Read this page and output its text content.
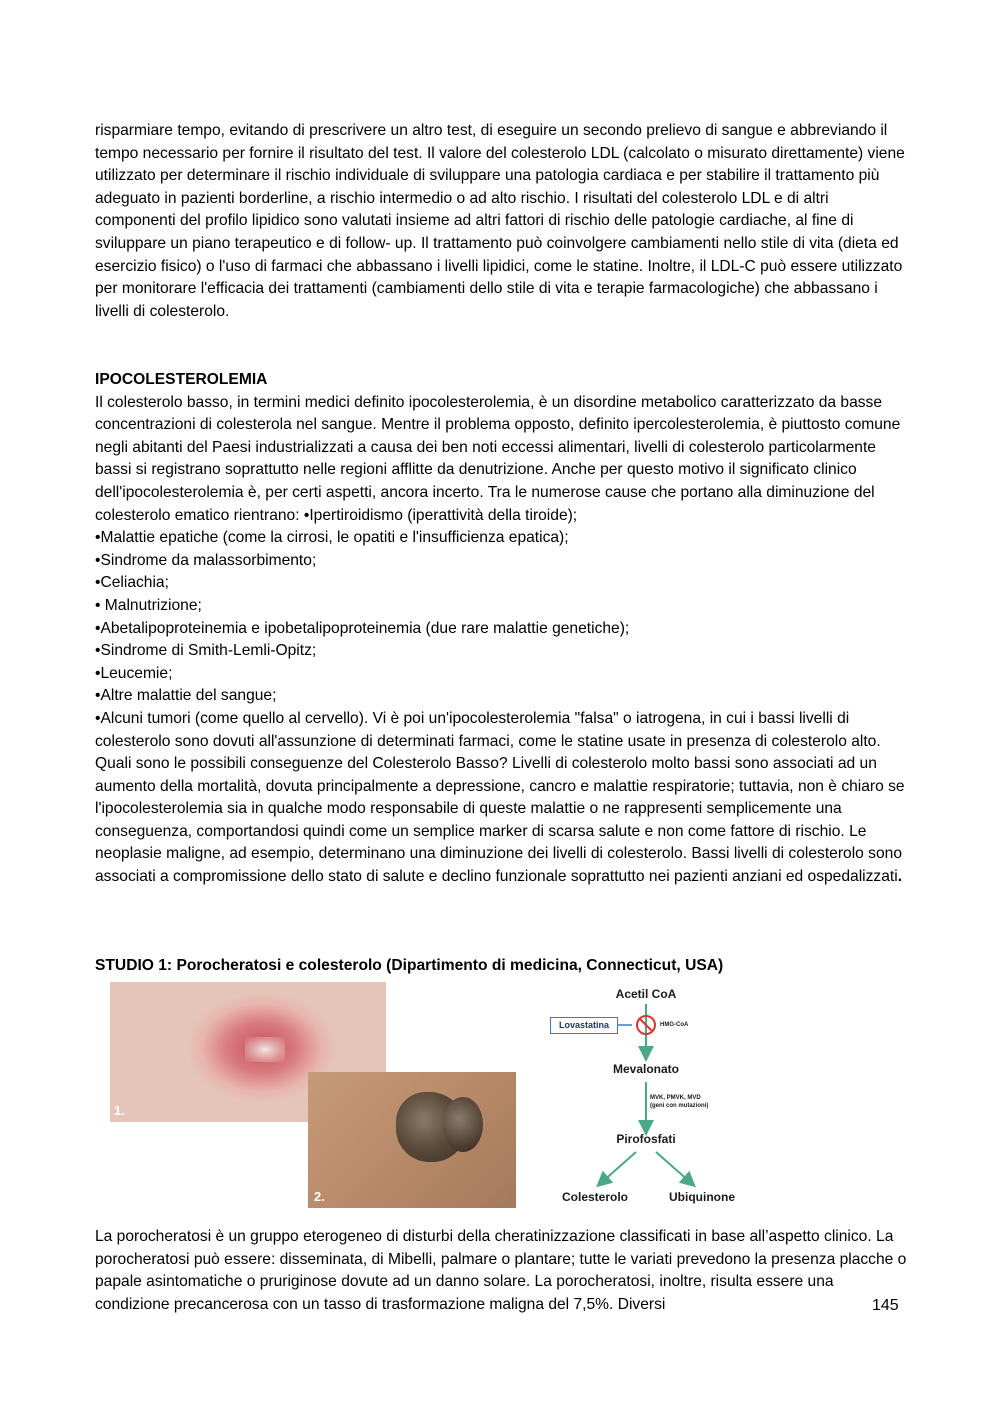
risparmiare tempo, evitando di prescrivere un altro test, di eseguire un secondo prelievo di sangue e abbreviando il tempo necessario per fornire il risultato del test. Il valore del colesterolo LDL (calcolato o misurato direttamente) viene utilizzato per determinare il rischio individuale di sviluppare una patologia cardiaca e per stabilire il trattamento più adeguato in pazienti borderline, a rischio intermedio o ad alto rischio. I risultati del colesterolo LDL e di altri componenti del profilo lipidico sono valutati insieme ad altri fattori di rischio delle patologie cardiache, al fine di sviluppare un piano terapeutico e di follow- up. Il trattamento può coinvolgere cambiamenti nello stile di vita (dieta ed esercizio fisico) o l'uso di farmaci che abbassano i livelli lipidici, come le statine. Inoltre, il LDL-C può essere utilizzato per monitorare l'efficacia dei trattamenti (cambiamenti dello stile di vita e terapie farmacologiche) che abbassano i livelli di colesterolo.

IPOCOLESTEROLEMIA

Il colesterolo basso, in termini medici definito ipocolesterolemia, è un disordine metabolico caratterizzato da basse concentrazioni di colesterola nel sangue. Mentre il problema opposto, definito ipercolesterolemia, è piuttosto comune negli abitanti del Paesi industrializzati a causa dei ben noti eccessi alimentari, livelli di colesterolo particolarmente bassi si registrano soprattutto nelle regioni afflitte da denutrizione. Anche per questo motivo il significato clinico dell'ipocolesterolemia è, per certi aspetti, ancora incerto. Tra le numerose cause che portano alla diminuzione del colesterolo ematico rientrano: •Ipertiroidismo (iperattività della tiroide);

•Malattie epatiche (come la cirrosi, le opatiti e l'insufficienza epatica);
•Sindrome da malassorbimento;
•Celiachia;
• Malnutrizione;
•Abetalipoproteinemia e ipobetalipoproteinemia (due rare malattie genetiche);
•Sindrome di Smith-Lemli-Opitz;
•Leucemie;
•Altre malattie del sangue;

•Alcuni tumori (come quello al cervello). Vi è poi un'ipocolesterolemia "falsa" o iatrogena, in cui i bassi livelli di colesterolo sono dovuti all'assunzione di determinati farmaci, come le statine usate in presenza di colesterolo alto. Quali sono le possibili conseguenze del Colesterolo Basso? Livelli di colesterolo molto bassi sono associati ad un aumento della mortalità, dovuta principalmente a depressione, cancro e malattie respiratorie; tuttavia, non è chiaro se l'ipocolesterolemia sia in qualche modo responsabile di queste malattie o ne rappresenti semplicemente una conseguenza, comportandosi quindi come un semplice marker di scarsa salute e non come fattore di rischio. Le neoplasie maligne, ad esempio, determinano una diminuzione dei livelli di colesterolo. Bassi livelli di colesterolo sono associati a compromissione dello stato di salute e declino funzionale soprattutto nei pazienti anziani ed ospedalizzati.

STUDIO 1: Porocheratosi e colesterolo (Dipartimento di medicina, Connecticut, USA)
1.
2.
Acetil CoA
Lovastatina	HMG-CoA
Mevalonato
MVK, PMVK, MVD
(geni con mutazioni)
Pirofosfati
Colesterolo	Ubiquinone

La porocheratosi è un gruppo eterogeneo di disturbi della cheratinizzazione classificati in base all’aspetto clinico. La porocheratosi può essere: disseminata, di Mibelli, palmare o plantare; tutte le variati prevedono la presenza placche o papale asintomatiche o pruriginose dovute ad un danno solare. La porocheratosi, inoltre, risulta essere una condizione precancerosa con un tasso di trasformazione maligna del 7,5%. Diversi	145
